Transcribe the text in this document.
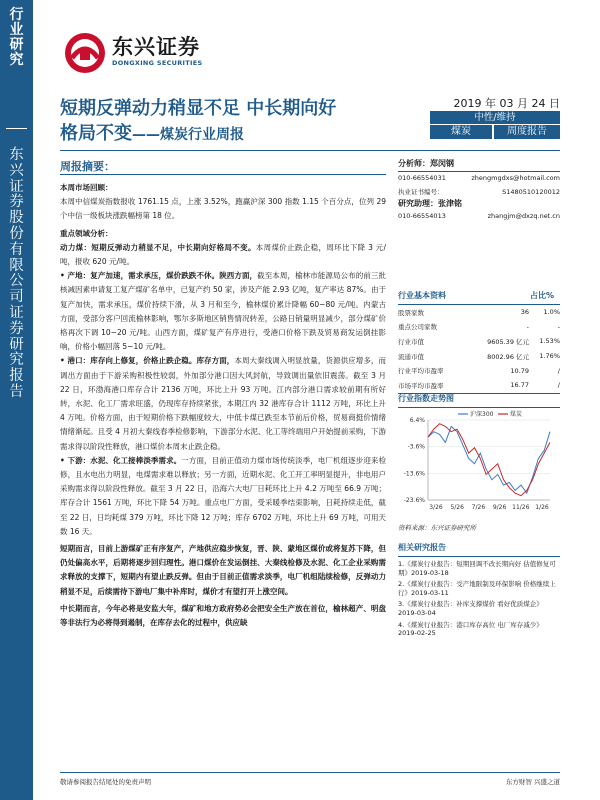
行
业
研
究
东
兴
证
券
股
份
有
限
公
司
证
券
研
究
报
告
东兴证券
DONGXING SECURITIES
短期反弹动力稍显不足 中长期向好
格局不变——煤炭行业周报
2019 年 03 月 24 日
中性/维持
煤炭	周度报告
周报摘要：

本周市场回顾：

本周中信煤炭指数报收 1761.15 点，上涨 3.52%，跑赢沪深 300 指数 1.15 个百分点，位列 29 个中信一级板块涨跌幅榜第 18 位。

重点领域分析：

动力煤：短期反弹动力稍显不足，中长期向好格局不变。本周煤价止跌企稳，周环比下降 3 元/吨，报收 620 元/吨。

• 产地：复产加速，需求承压，煤价跌跌不休。陕西方面，截至本周，榆林市能源局公布的前三批核减因素申请复工复产煤矿名单中，已复产约 50 家，涉及产能 2.93 亿吨，复产率达 87%。由于复产加快，需求承压，煤价持续下滑，从 3 月和至今，榆林煤价累计降幅 60~80 元/吨。内蒙古方面，受部分客户回流榆林影响，鄂尔多斯地区销售情况转差，公路日销量明显减少，部分煤矿价格再次下调 10~20 元/吨。山西方面，煤矿复产有序进行，受港口价格下跌及贸易商发运倒挂影响，价格小幅回落 5~10 元/吨。

• 港口：库存向上修复，价格止跌企稳。库存方面，本周大秦线调入明显放量，货源供应增多，而调出方面由于下游采购积极性较弱，外加部分港口因大风封航，导致调出量依旧震荡。截至 3 月 22 日，环渤海港口库存合计 2136 万吨，环比上升 93 万吨。江内部分港口需求较前期有所好转，水泥、化工厂需求旺盛，仍现库存持续紧张，本期江内 32 港库存合计 1112 万吨，环比上升 4 万吨。价格方面，由于短期价格下跌幅度较大，中低卡煤已跌至本节前后价格，贸易商挺价情绪情绪渐起。且受 4 月初大秦线春季检修影响，下游部分水泥、化工等终端用户开始提前采购，下游需求得以阶段性释放，港口煤价本周末止跌企稳。

• 下游：水泥、化工接棒淡季需求。一方面，目前正值动力煤市场传统淡季，电厂机组逐步迎来检修，且水电出力明显，电煤需求难以释放；另一方面，近期水泥、化工开工率明显提升，非电用户采购需求得以阶段性释放。截至 3 月 22 日，沿海六大电厂日耗环比上升 4.2 万吨至 66.9 万吨；库存合计 1561 万吨，环比下降 54 万吨。重点电厂方面，受采暖季结束影响，日耗持续走低，截至 22 日，日均耗煤 379 万吨，环比下降 12 万吨；库存 6702 万吨，环比上升 69 万吨，可用天数 16 天。

短期而言，目前上游煤矿正有序复产，产地供应稳步恢复，晋、陕、蒙地区煤价或将复苏下降，但仍处偏高水平，后期将逐步回归理性。港口煤价在发运倒挂、大秦线检修及水泥、化工企业采购需求释放的支撑下，短期内有望止跌反弹。但由于目前正值需求淡季，电厂机组陆续检修，反弹动力稍显不足，后续需待下游电厂集中补库时，煤价才有望打开上涨空间。

中长期而言，今年必将是安监大年，煤矿和地方政府势必会把安全生产放在首位，榆林超产、明盘等非法行为必将得到遏制，在库存去化的过程中，供应缺

分析师：郑闵钢
010-66554031	zhengmgdxs@hotmail.com
执业证书编号：	S1480510120012
研究助理：张津铭
010-66554013	zhangjm@dxzq.net.cn
行业基本资料	占比%
股票家数	36	1.0%
重点公司家数	-	-
行业市值	9605.39 亿元	1.53%
流通市值	8002.96 亿元	1.76%
行业平均市盈率	10.79	/
市场平均市盈率	16.77	/
行业指数走势图
6.4%
-3.6%
-13.6%
-23.6%
3/26 5/26 7/26 9/26 11/26 1/26
沪深300	煤炭
资料来源：东兴证券研究所
相关研究报告
1.《煤炭行业报告：短期回调不改长期向好 估值修复可期》2019-03-18
2.《煤炭行业报告：受产地限制及环保影响 价格继续上行》2019-03-11
3.《煤炭行业报告：补库支撑煤价 看好优质煤企》2019-03-04
4.《煤炭行业报告：港口库存高位 电厂库存减少》2019-02-25
敬请参阅报告结尾处的免责声明	东方财智 兴盛之道
